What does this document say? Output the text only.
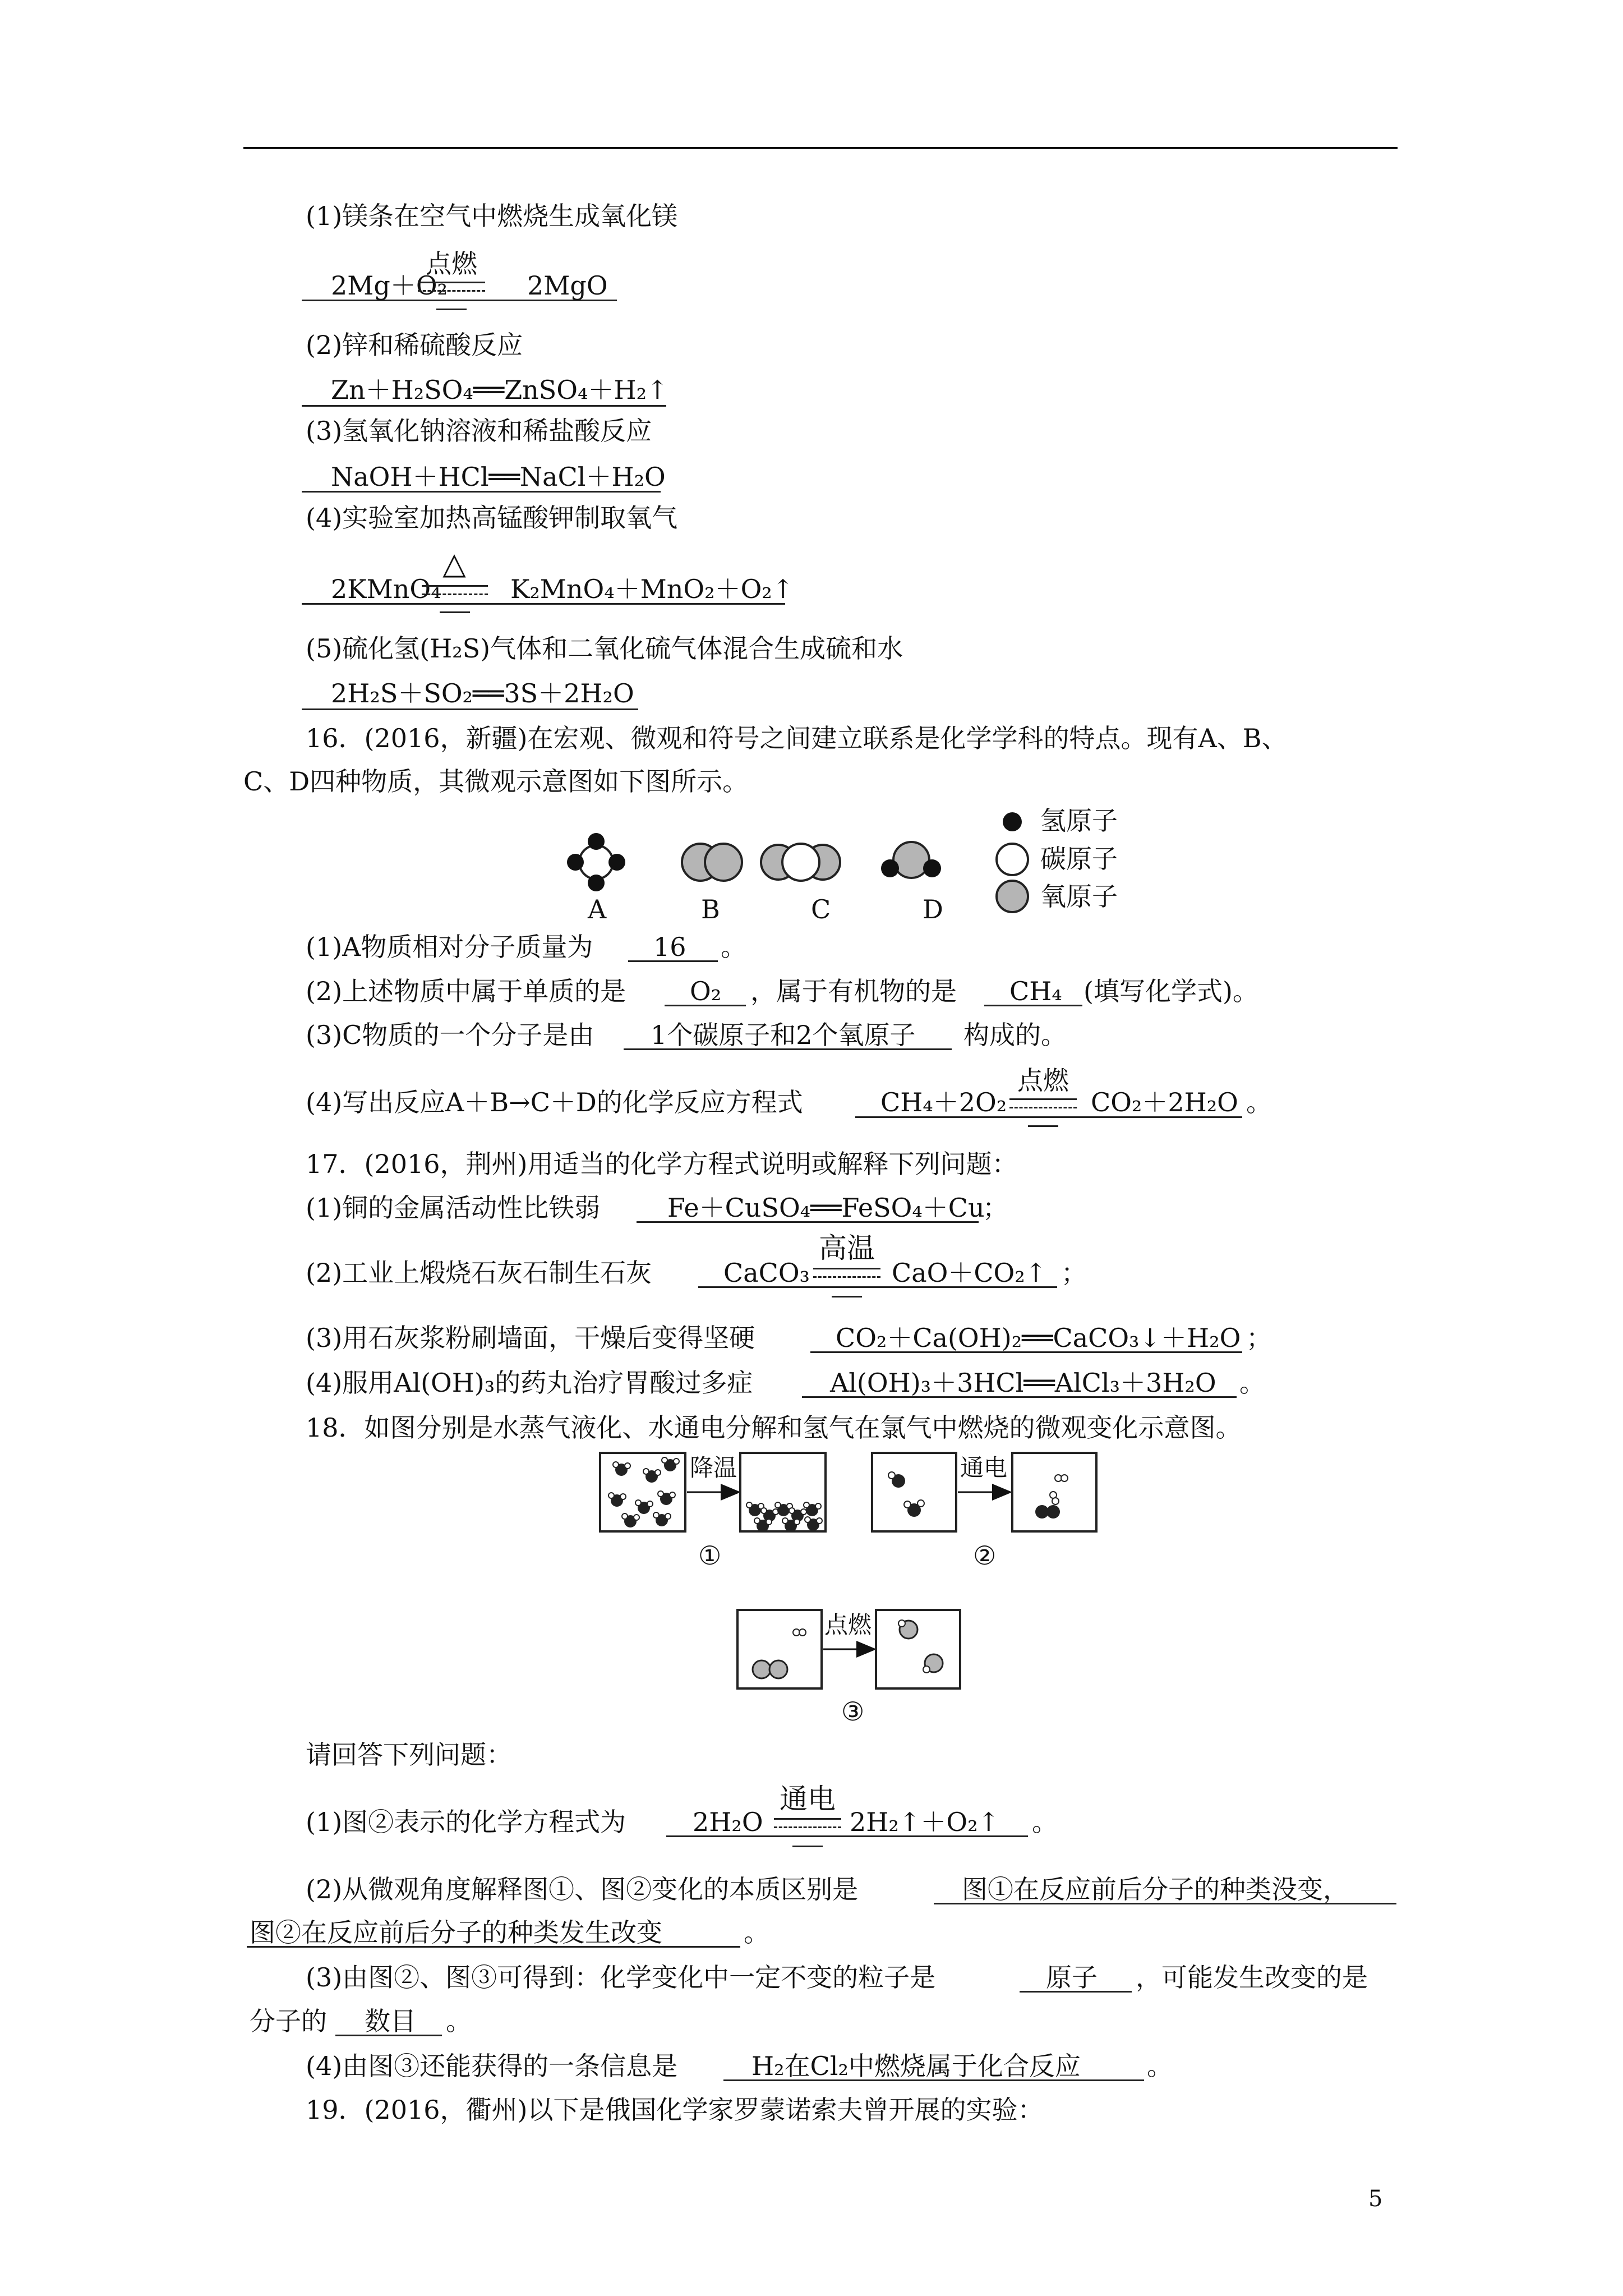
(1)镁条在空气中燃烧生成氧化镁
2Mg＋O₂
点燃
2MgO
(2)锌和稀硫酸反应
Zn＋H₂SO₄══ZnSO₄＋H₂↑
(3)氢氧化钠溶液和稀盐酸反应
NaOH＋HCl══NaCl＋H₂O
(4)实验室加热高锰酸钾制取氧气
2KMnO₄
△
K₂MnO₄＋MnO₂＋O₂↑
(5)硫化氢(H₂S)气体和二氧化硫气体混合生成硫和水
2H₂S＋SO₂══3S＋2H₂O
16．(2016，新疆)在宏观、微观和符号之间建立联系是化学学科的特点。现有A、B、
C、D四种物质，其微观示意图如下图所示。
A	B	C	D
氢原子
碳原子
氧原子
(1)A物质相对分子质量为 16 。
(2)上述物质中属于单质的是 O₂ ，属于有机物的是 CH₄ (填写化学式)。
(3)C物质的一个分子是由 1个碳原子和2个氧原子 构成的。
(4)写出反应A＋B→C＋D的化学反应方程式	CH₄＋2O₂
点燃
CO₂＋2H₂O 。
17．(2016，荆州)用适当的化学方程式说明或解释下列问题：
(1)铜的金属活动性比铁弱	Fe＋CuSO₄══FeSO₄＋Cu
；
(2)工业上煅烧石灰石制生石灰	CaCO₃
高温
CaO＋CO₂↑ ；
(3)用石灰浆粉刷墙面，干燥后变得坚硬	CO₂＋Ca(OH)₂══CaCO₃↓＋H₂O ；
(4)服用Al(OH)₃的药丸治疗胃酸过多症	Al(OH)₃＋3HCl══AlCl₃＋3H₂O 。
18．如图分别是水蒸气液化、水通电分解和氢气在氯气中燃烧的微观变化示意图。
降温	通电
点燃
①	②
③
请回答下列问题：
(1)图②表示的化学方程式为	2H₂O
通电
2H₂↑＋O₂↑ 。
(2)从微观角度解释图①、图②变化的本质区别是	图①在反应前后分子的种类没变，
图②在反应前后分子的种类发生改变	。
(3)由图②、图③可得到：化学变化中一定不变的粒子是	原子 ，可能发生改变的是
分子的 数目 。
(4)由图③还能获得的一条信息是	H₂在Cl₂中燃烧属于化合反应	。
19．(2016，衢州)以下是俄国化学家罗蒙诺索夫曾开展的实验：
5
